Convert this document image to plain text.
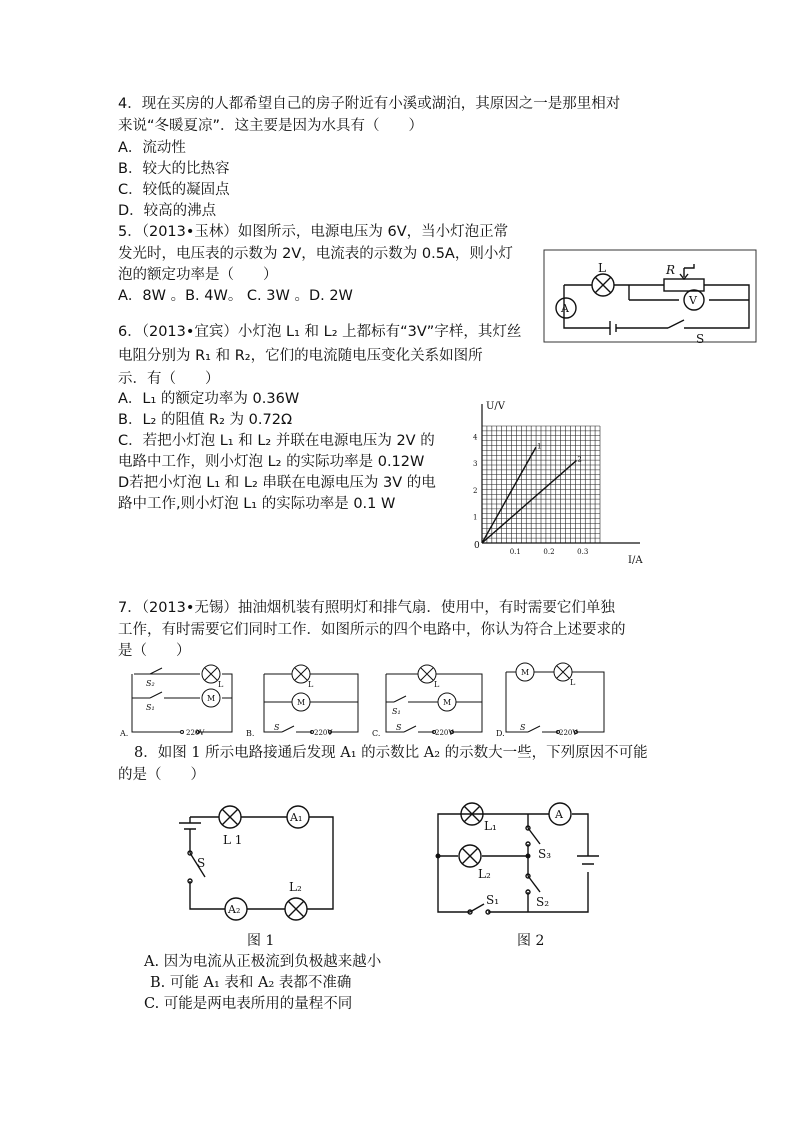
4．现在买房的人都希望自己的房子附近有小溪或湖泊，其原因之一是那里相对
来说“冬暖夏凉”．这主要是因为水具有（　　）
A．流动性
B．较大的比热容
C．较低的凝固点
D．较高的沸点
5．（2013•玉林）如图所示，电源电压为 6V，当小灯泡正常
发光时，电压表的示数为 2V，电流表的示数为 0.5A，则小灯
泡的额定功率是（　　）
A．8W 。B. 4W。 C. 3W 。D. 2W
L	R
A
V
S
6．（2013•宜宾）小灯泡 L₁ 和 L₂ 上都标有“3V”字样，其灯丝
电阻分别为 R₁ 和 R₂，它们的电流随电压变化关系如图所
示．有（　　）
A．L₁ 的额定功率为 0.36W
B．L₂ 的阻值 R₂ 为 0.72Ω
C．若把小灯泡 L₁ 和 L₂ 并联在电源电压为 2V 的
电路中工作，则小灯泡 L₂ 的实际功率是 0.12W
D若把小灯泡 L₁ 和 L₂ 串联在电源电压为 3V 的电
路中工作,则小灯泡 L₁ 的实际功率是 0.1 W
U/V
I/A
0
0.1	0.2	0.3
1
2
3
4
1
2
7．（2013•无锡）抽油烟机装有照明灯和排气扇．使用中，有时需要它们单独
工作，有时需要它们同时工作．如图所示的四个电路中，你认为符合上述要求的
是（　　）
S₂
S₁
L
M
220V
A.
L
M
S
220V
B.
L
S₁
M
S
220V
C.
M
L
S
220V
D.
8．如图 1 所示电路接通后发现 A₁ 的示数比 A₂ 的示数大一些，下列原因不可能
的是（　　）
S
L 1
A₁
A₂
L₂
图 1
L₁
A
L₂
S₃
S₂
S₁
图 2
A. 因为电流从正极流到负极越来越小
B. 可能 A₁ 表和 A₂ 表都不准确
C. 可能是两电表所用的量程不同
